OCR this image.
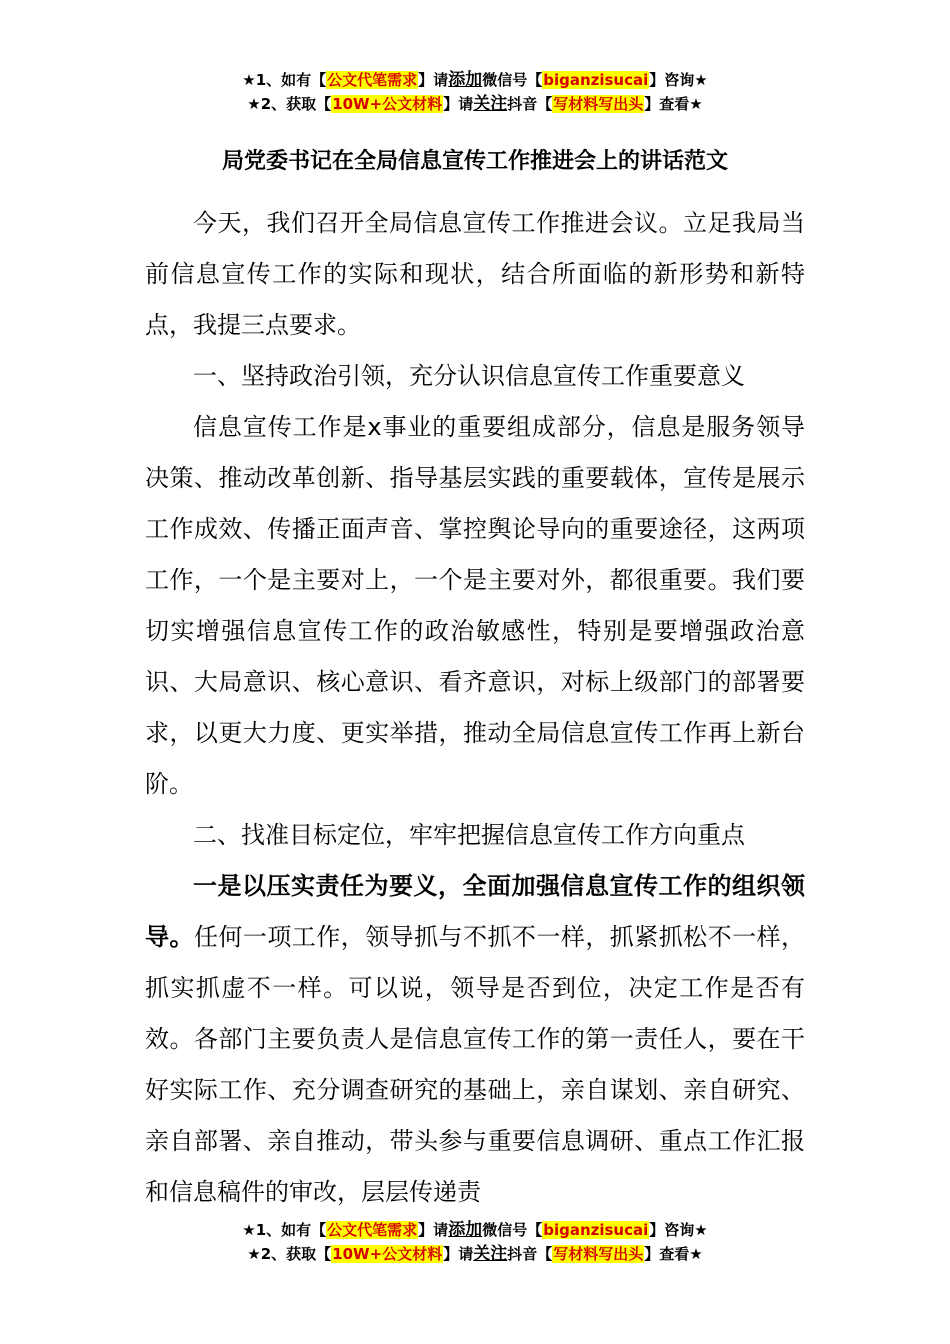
★1、如有【公文代笔需求】请添加微信号【biganzisucai】咨询★
★2、获取【10W+公文材料】请关注抖音【写材料写出头】查看★
局党委书记在全局信息宣传工作推进会上的讲话范文

今天，我们召开全局信息宣传工作推进会议。立足我局当前信息宣传工作的实际和现状，结合所面临的新形势和新特点，我提三点要求。

一、坚持政治引领，充分认识信息宣传工作重要意义

信息宣传工作是x事业的重要组成部分，信息是服务领导决策、推动改革创新、指导基层实践的重要载体，宣传是展示工作成效、传播正面声音、掌控舆论导向的重要途径，这两项工作，一个是主要对上，一个是主要对外，都很重要。我们要切实增强信息宣传工作的政治敏感性，特别是要增强政治意识、大局意识、核心意识、看齐意识，对标上级部门的部署要求，以更大力度、更实举措，推动全局信息宣传工作再上新台阶。

二、找准目标定位，牢牢把握信息宣传工作方向重点

一是以压实责任为要义，全面加强信息宣传工作的组织领导。任何一项工作，领导抓与不抓不一样，抓紧抓松不一样，抓实抓虚不一样。可以说，领导是否到位，决定工作是否有效。各部门主要负责人是信息宣传工作的第一责任人，要在干好实际工作、充分调查研究的基础上，亲自谋划、亲自研究、亲自部署、亲自推动，带头参与重要信息调研、重点工作汇报和信息稿件的审改，层层传递责

★1、如有【公文代笔需求】请添加微信号【biganzisucai】咨询★
★2、获取【10W+公文材料】请关注抖音【写材料写出头】查看★
